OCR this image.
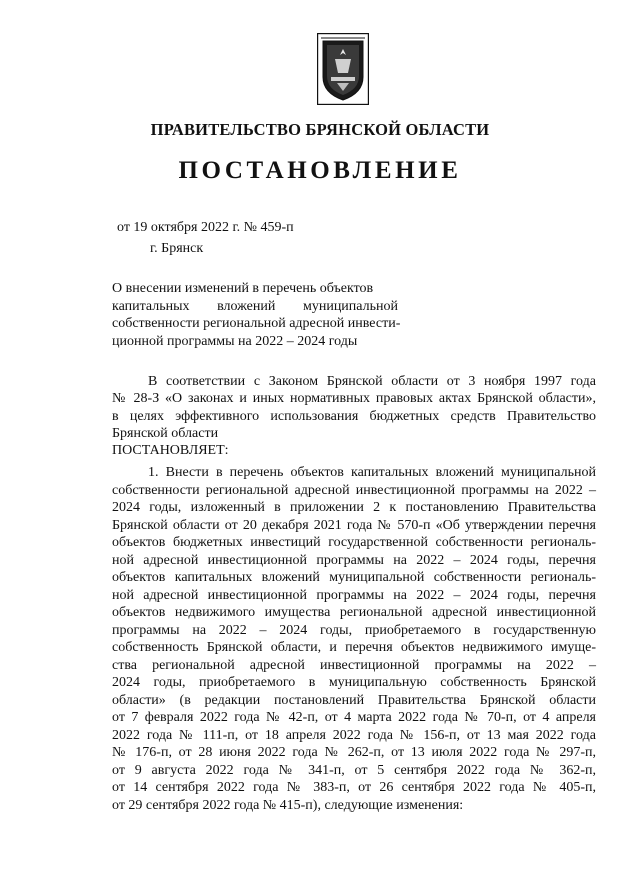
ПРАВИТЕЛЬСТВО БРЯНСКОЙ ОБЛАСТИ
ПОСТАНОВЛЕНИЕ
от 19 октября 2022 г. № 459-п
г. Брянск
О внесении изменений в перечень объектов
капитальных вложений муниципальной
собственности региональной адресной инвести-
ционной программы на 2022 – 2024 годы
В соответствии с Законом Брянской области от 3 ноября 1997 года
№ 28-З «О законах и иных нормативных правовых актах Брянской области»,
в целях эффективного использования бюджетных средств Правительство
Брянской области
ПОСТАНОВЛЯЕТ:
1. Внести в перечень объектов капитальных вложений муниципальной
собственности региональной адресной инвестиционной программы на 2022 –
2024 годы, изложенный в приложении 2 к постановлению Правительства
Брянской области от 20 декабря 2021 года № 570-п «Об утверждении перечня
объектов бюджетных инвестиций государственной собственности региональ-
ной адресной инвестиционной программы на 2022 – 2024 годы, перечня
объектов капитальных вложений муниципальной собственности региональ-
ной адресной инвестиционной программы на 2022 – 2024 годы, перечня
объектов недвижимого имущества региональной адресной инвестиционной
программы на 2022 – 2024 годы, приобретаемого в государственную
собственность Брянской области, и перечня объектов недвижимого имуще-
ства региональной адресной инвестиционной программы на 2022 –
2024 годы, приобретаемого в муниципальную собственность Брянской
области» (в редакции постановлений Правительства Брянской области
от 7 февраля 2022 года № 42-п, от 4 марта 2022 года № 70-п, от 4 апреля
2022 года № 111-п, от 18 апреля 2022 года № 156-п, от 13 мая 2022 года
№ 176-п, от 28 июня 2022 года № 262-п, от 13 июля 2022 года № 297-п,
от 9 августа 2022 года № 341-п, от 5 сентября 2022 года № 362-п,
от 14 сентября 2022 года № 383-п, от 26 сентября 2022 года № 405-п,
от 29 сентября 2022 года № 415-п), следующие изменения:
